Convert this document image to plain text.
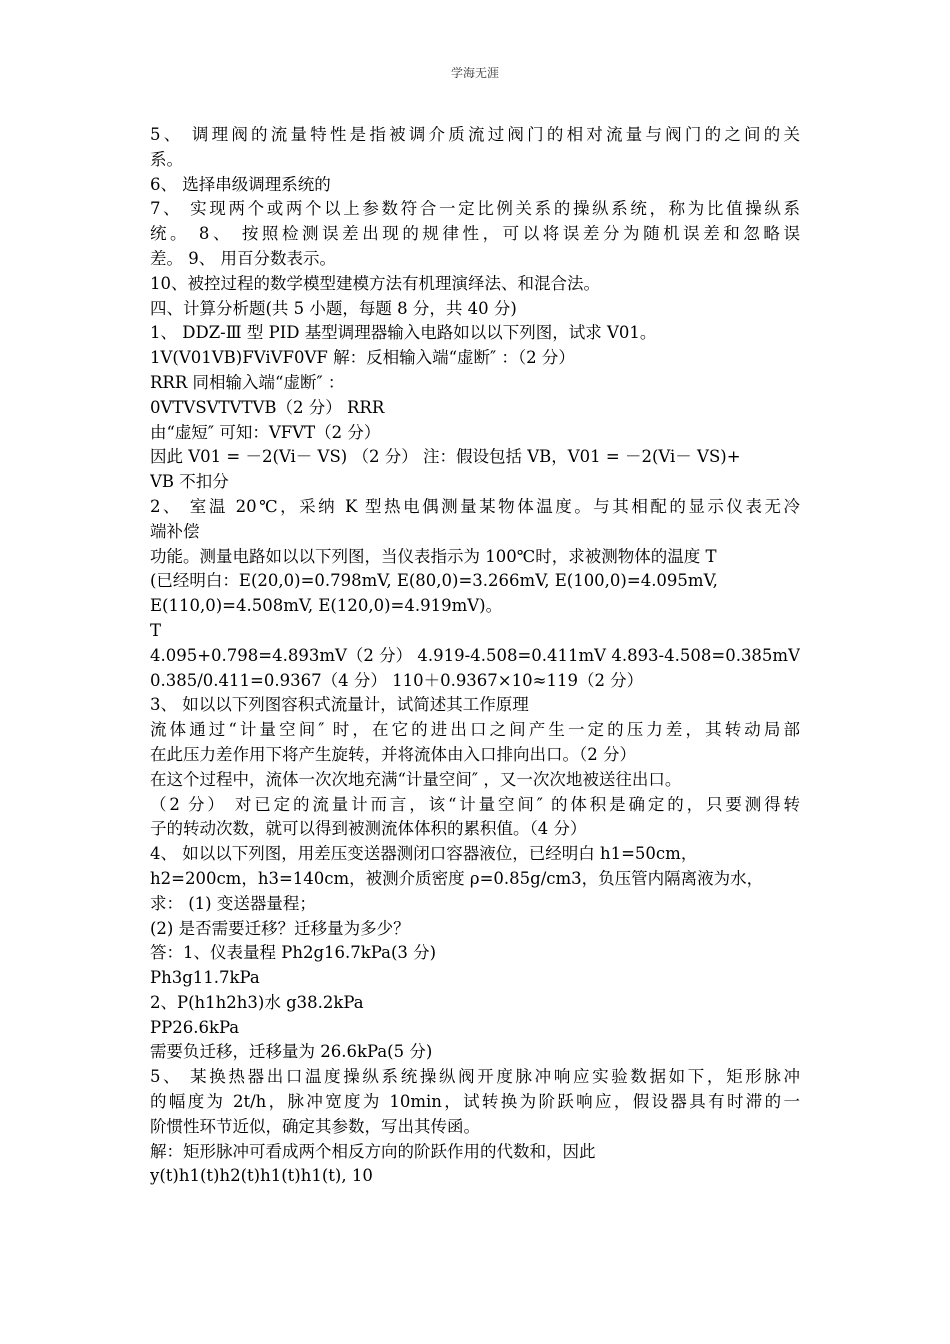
学海无涯
5、 调理阀的流量特性是指被调介质流过阀门的相对流量与阀门的之间的关
系。
6、 选择串级调理系统的
7、 实现两个或两个以上参数符合一定比例关系的操纵系统，称为比值操纵系
统。 8、 按照检测误差出现的规律性，可以将误差分为随机误差和忽略误
差。 9、 用百分数表示。
10、被控过程的数学模型建模方法有机理演绎法、和混合法。
四、计算分析题(共 5 小题，每题 8 分，共 40 分)
1、 DDZ-Ⅲ 型 PID 基型调理器输入电路如以以下列图，试求 V01。
1V(V01VB)FViVF0VF 解：反相输入端“虚断″ ：（2 分）
RRR 同相输入端“虚断″ ：
0VTVSVTVTVB（2 分） RRR
由“虚短″ 可知：VFVT（2 分）
因此 V01 = －2(Vi－ VS) （2 分） 注：假设包括 VB，V01 = －2(Vi－ VS)+
VB 不扣分
2、 室温 20℃，采纳 K 型热电偶测量某物体温度。与其相配的显示仪表无冷
端补偿
功能。测量电路如以以下列图，当仪表指示为 100℃时，求被测物体的温度 T
(已经明白：E(20,0)=0.798mV, E(80,0)=3.266mV, E(100,0)=4.095mV,
E(110,0)=4.508mV, E(120,0)=4.919mV)。
T
4.095+0.798=4.893mV（2 分） 4.919-4.508=0.411mV 4.893-4.508=0.385mV
0.385/0.411=0.9367（4 分） 110＋0.9367×10≈119（2 分）
3、 如以以下列图容积式流量计，试简述其工作原理
流体通过“计量空间″ 时，在它的进出口之间产生一定的压力差，其转动局部
在此压力差作用下将产生旋转，并将流体由入口排向出口。（2 分）
在这个过程中，流体一次次地充满“计量空间″ ，又一次次地被送往出口。
（2 分） 对已定的流量计而言，该“计量空间″ 的体积是确定的，只要测得转
子的转动次数，就可以得到被测流体体积的累积值。（4 分）
4、 如以以下列图，用差压变送器测闭口容器液位，已经明白 h1=50cm，
h2=200cm，h3=140cm，被测介质密度 ρ=0.85g/cm3，负压管内隔离液为水，
求： (1) 变送器量程；
(2) 是否需要迁移？迁移量为多少？
答：1、仪表量程 Ph2g16.7kPa(3 分)
Ph3g11.7kPa
2、P(h1h2h3)水 g38.2kPa
PP26.6kPa
需要负迁移，迁移量为 26.6kPa(5 分)
5、 某换热器出口温度操纵系统操纵阀开度脉冲响应实验数据如下，矩形脉冲
的幅度为 2t/h，脉冲宽度为 10min，试转换为阶跃响应，假设器具有时滞的一
阶惯性环节近似，确定其参数，写出其传函。
解：矩形脉冲可看成两个相反方向的阶跃作用的代数和，因此
y(t)h1(t)h2(t)h1(t)h1(t), 10
